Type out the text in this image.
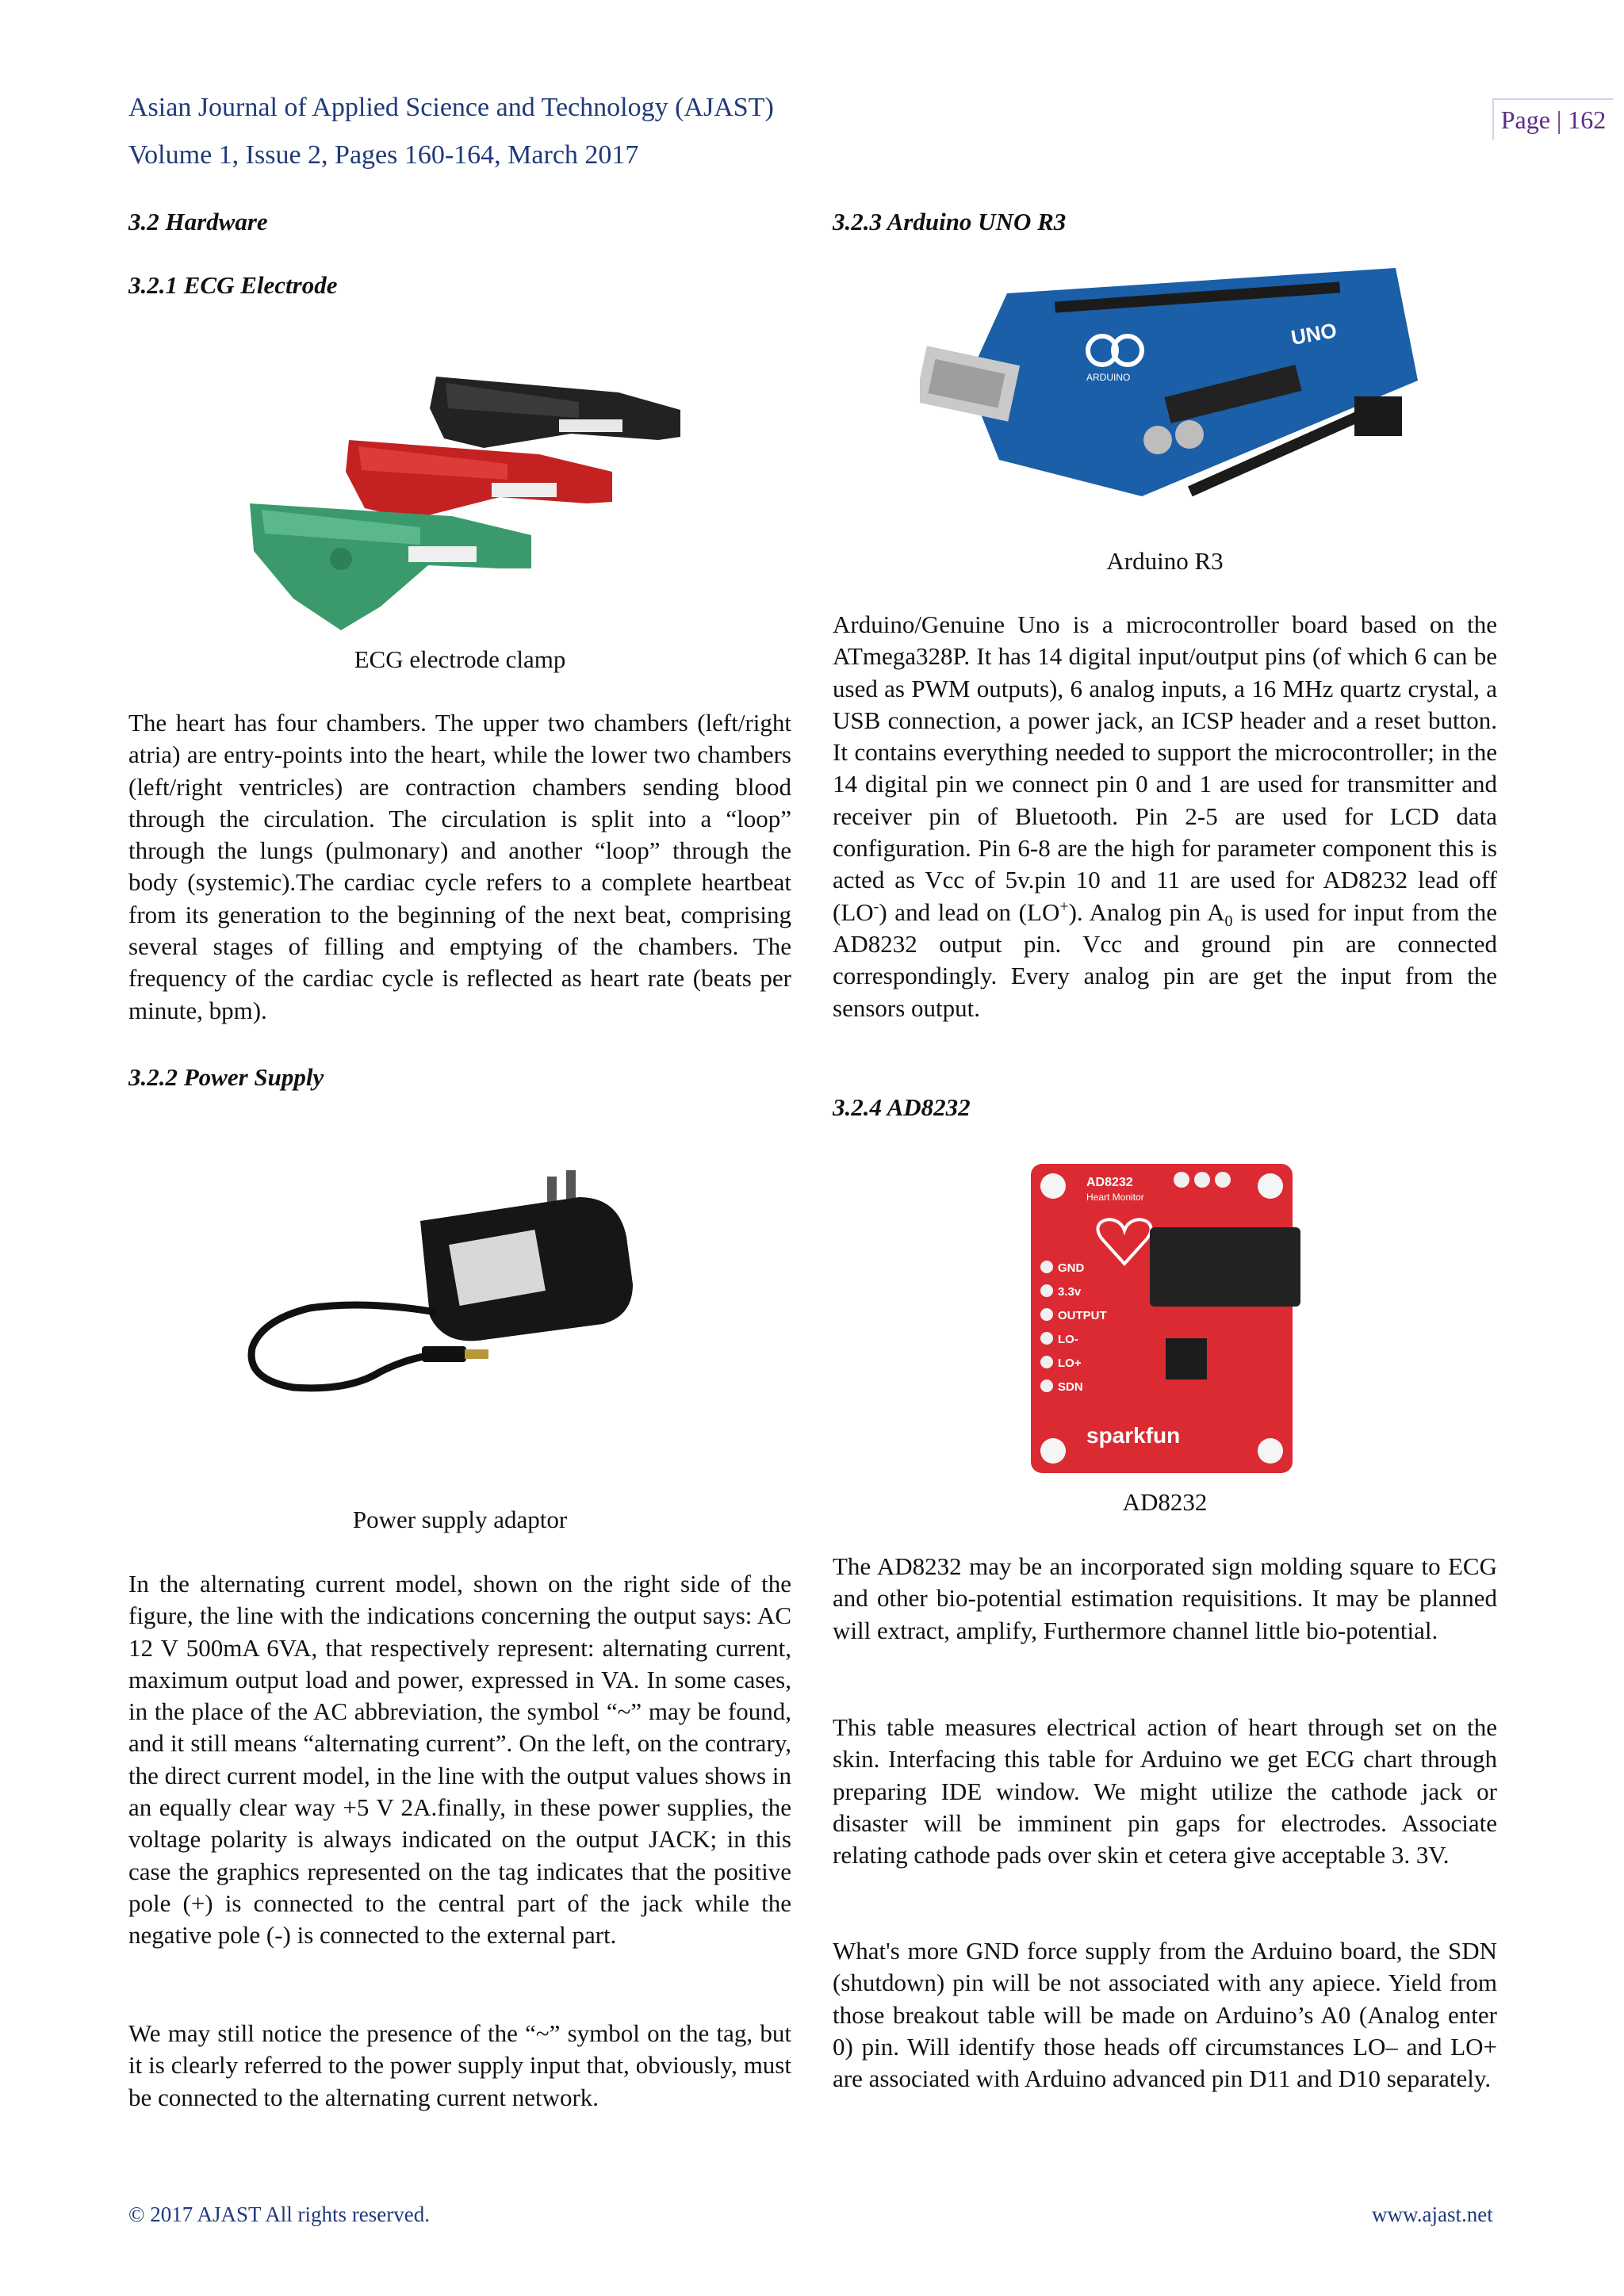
Asian Journal of Applied Science and Technology (AJAST)
Volume 1, Issue 2, Pages 160-164, March 2017
Page | 162
3.2 Hardware
3.2.1 ECG Electrode
ECG electrode clamp
The heart has four chambers. The upper two chambers (left/right atria) are entry-points into the heart, while the lower two chambers (left/right ventricles) are contraction chambers sending blood through the circulation. The circulation is split into a “loop” through the lungs (pulmonary) and another “loop” through the body (systemic).The cardiac cycle refers to a complete heartbeat from its generation to the beginning of the next beat, comprising several stages of filling and emptying of the chambers. The frequency of the cardiac cycle is reflected as heart rate (beats per minute, bpm).
3.2.2 Power Supply
Power supply adaptor
In the alternating current model, shown on the right side of the figure, the line with the indications concerning the output says: AC 12 V 500mA 6VA, that respectively represent: alternating current, maximum output load and power, expressed in VA. In some cases, in the place of the AC abbreviation, the symbol “~” may be found, and it still means “alternating current”. On the left, on the contrary, the direct current model, in the line with the output values shows in an equally clear way +5 V 2A.finally, in these power supplies, the voltage polarity is always indicated on the output JACK; in this case the graphics represented on the tag indicates that the positive pole (+) is connected to the central part of the jack while the negative pole (-) is connected to the external part.
We may still notice the presence of the “~” symbol on the tag, but it is clearly referred to the power supply input that, obviously, must be connected to the alternating current network.
3.2.3 Arduino UNO R3
ARDUINO
UNO
Arduino R3
Arduino/Genuine Uno is a microcontroller board based on the ATmega328P. It has 14 digital input/output pins (of which 6 can be used as PWM outputs), 6 analog inputs, a 16 MHz quartz crystal, a USB connection, a power jack, an ICSP header and a reset button. It contains everything needed to support the microcontroller; in the 14 digital pin we connect pin 0 and 1 are used for transmitter and receiver pin of Bluetooth. Pin 2-5 are used for LCD data configuration. Pin 6-8 are the high for parameter component this is acted as Vcc of 5v.pin 10 and 11 are used for AD8232 lead off (LO-) and lead on (LO+). Analog pin $A_0$ is used for input from the AD8232 output pin. Vcc and ground pin are connected correspondingly. Every analog pin are get the input from the sensors output.
3.2.4 AD8232
AD8232
Heart Monitor
GND
3.3v
OUTPUT
LO-
LO+
SDN
sparkfun
AD8232
The AD8232 may be an incorporated sign molding square to ECG and other bio-potential estimation requisitions. It may be planned will extract, amplify, Furthermore channel little bio-potential.
This table measures electrical action of heart through set on the skin. Interfacing this table for Arduino we get ECG chart through preparing IDE window. We might utilize the cathode jack or disaster will be imminent pin gaps for electrodes. Associate relating cathode pads over skin et cetera give acceptable 3. 3V.
What's more GND force supply from the Arduino board, the SDN (shutdown) pin will be not associated with any apiece. Yield from those breakout table will be made on Arduino’s A0 (Analog enter 0) pin. Will identify those heads off circumstances LO– and LO+ are associated with Arduino advanced pin D11 and D10 separately.
© 2017 AJAST All rights reserved.	www.ajast.net
